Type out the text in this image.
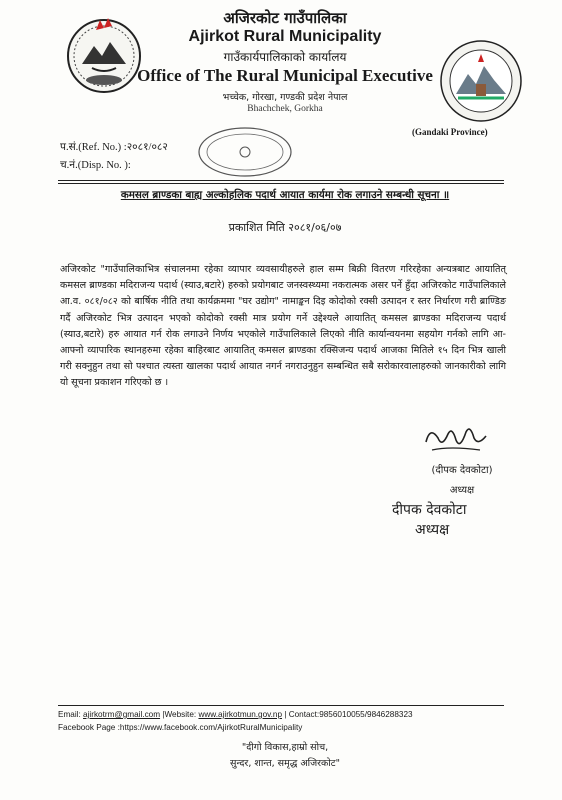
अजिरकोट गाउँपालिका
Ajirkot Rural Municipality
गाउँकार्यपालिकाको कार्यालय
Office of The Rural Municipal Executive
भच्चेक, गोरखा, गण्डकी प्रदेश नेपाल
Bhachchek, Gorkha
(Gandaki Province)
प.सं.(Ref. No.) :२०८१/०८२
च.नं.(Disp. No. ):
कमसल ब्राण्डका बाह्य अल्कोहलिक पदार्थ आयात कार्यमा रोक लगाउने सम्बन्धी सूचना ॥
प्रकाशित मिति २०८१/०६/०७
अजिरकोट "गाउँपालिकाभित्र संचालनमा रहेका व्यापार व्यवसायीहरुले हाल सम्म बिक्री वितरण गरिरहेका अन्यत्रबाट आयातित् कमसल ब्राण्डका मदिराजन्य पदार्थ (स्याउ,बटारे) हरुको प्रयोगबाट जनस्वस्थ्यमा नकरात्मक असर पर्ने हुँदा अजिरकोट गाउँपालिकाले आ.व. ०८१/०८२ को बार्षिक नीति तथा कार्यक्रममा "घर उद्योग" नामाङ्कन दिइ कोदोको रक्सी उत्पादन र स्तर निर्धारण गरी ब्राण्डिङ गर्दै अजिरकोट भित्र उत्पादन भएको कोदोको रक्सी मात्र प्रयोग गर्ने उद्देश्यले आयातित् कमसल ब्राण्डका मदिराजन्य पदार्थ (स्याउ,बटारे) हरु आयात गर्न रोक लगाउने निर्णय भएकोले गाउँपालिकाले लिएको नीति कार्यान्वयनमा सहयोग गर्नको लागि आ-आफ्नो व्यापारिक स्थानहरुमा रहेका बाहिरबाट आयातित् कमसल ब्राण्डका रक्सिजन्य पदार्थ आजका मितिले १५ दिन भित्र खाली गरी सक्नुहुन तथा सो पश्चात त्यस्ता खालका पदार्थ आयात नगर्न नगराउनुहुन सम्बन्धित सबै सरोकारवालाहरुको जानकारीको लागि यो सूचना प्रकाशन गरिएको छ ।
(दीपक देवकोटा)
अध्यक्ष
दीपक देवकोटा
अध्यक्ष
Email: ajirkotrm@gmail.com |Website: www.ajirkotmun.gov.np | Contact:9856010055/9846288323
Facebook Page :https://www.facebook.com/AjirkotRuralMunicipality
"दीगो विकास,हाम्रो सोच,
सुन्दर, शान्त, समृद्ध अजिरकोट"
